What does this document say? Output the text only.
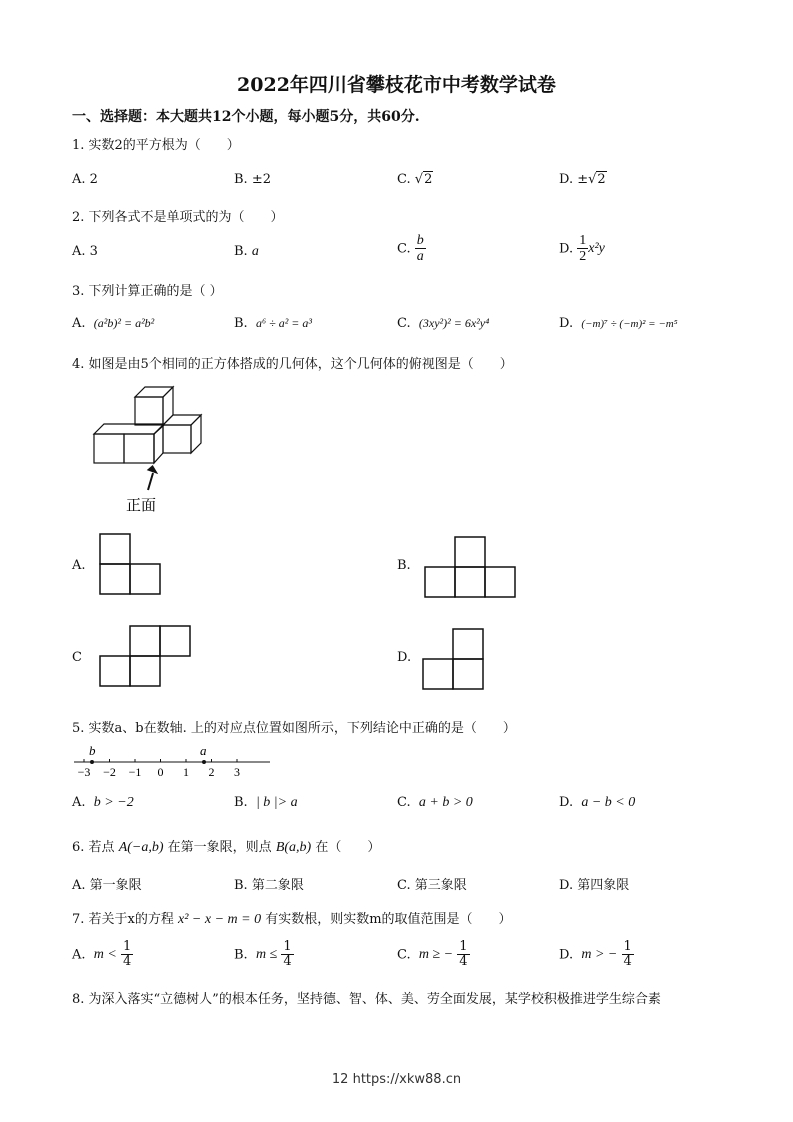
2022年四川省攀枝花市中考数学试卷
一、选择题：本大题共12个小题，每小题5分，共60分.
1. 实数2的平方根为（　　）
A. 2	B. ±2	C. √2	D. ±√2
2. 下列各式不是单项式的为（　　）
A. 3	B. a	C. $\frac{b}{a}$	D. $\frac{1}{2} x^2y$
3. 下列计算正确的是（ ）
A. (a²b)² = a²b²	B. a⁶ ÷ a² = a³	C. (3xy²)² = 6x²y⁴	D. (−m)⁷ ÷ (−m)² = −m⁵
4. 如图是由5个相同的正方体搭成的几何体，这个几何体的俯视图是（　　）
正面
A.	B.
C	D.
5. 实数a、b在数轴. 上的对应点位置如图所示，下列结论中正确的是（　　）
−3 −2 −1 0 1 2 3
b	a
A. b > −2	B. | b |> a	C. a + b > 0	D. a − b < 0
6. 若点 A(−a,b) 在第一象限，则点 B(a,b) 在（　　）
A. 第一象限	B. 第二象限	C. 第三象限	D. 第四象限
7. 若关于x的方程 x² − x − m = 0 有实数根，则实数m的取值范围是（　　）
A. $m < \frac{1}{4}$	B. $m \le \frac{1}{4}$	C. m ≥ − $\frac{1}{4}$	D. m > − $\frac{1}{4}$
8. 为深入落实“立德树人”的根本任务，坚持德、智、体、美、劳全面发展，某学校积极推进学生综合素
12 https://xkw88.cn
